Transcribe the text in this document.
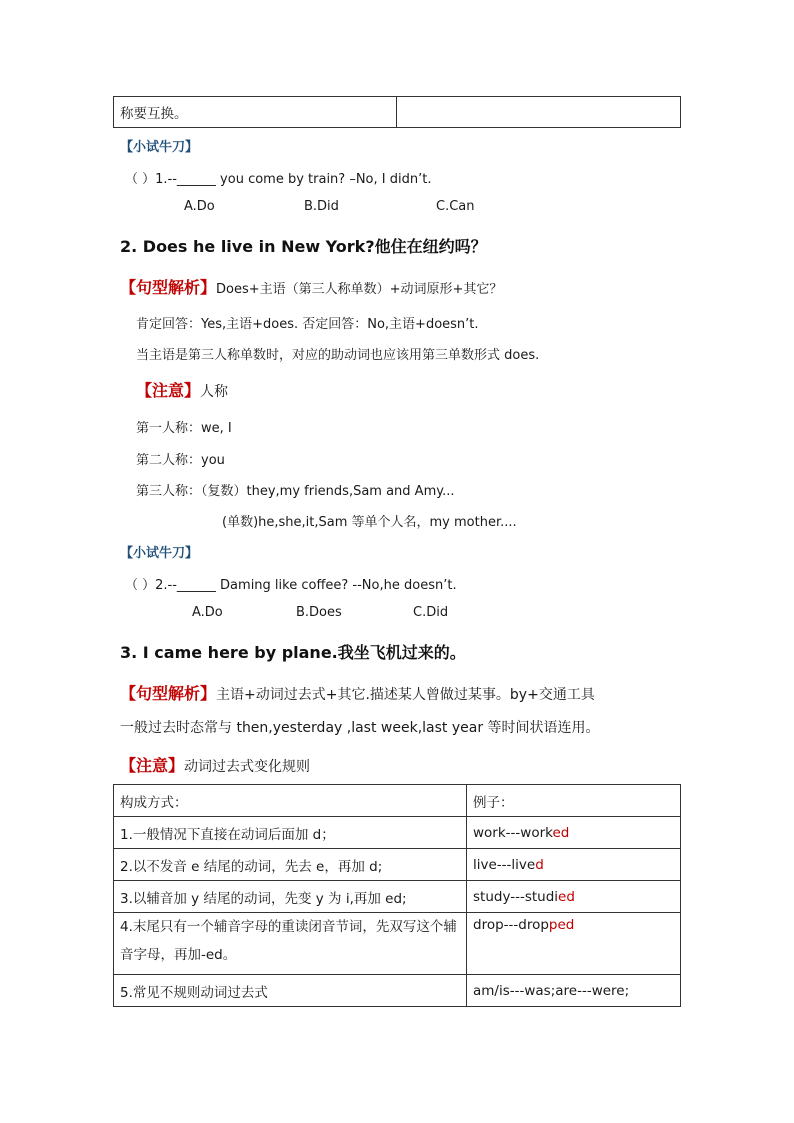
称要互换。	
【小试牛刀】
（ ）1.--______ you come by train? –No, I didn’t.
A.Do	B.Did	C.Can
2. Does he live in New York?他住在纽约吗？
【句型解析】Does+主语（第三人称单数）+动词原形+其它？
肯定回答：Yes,主语+does. 否定回答：No,主语+doesn’t.
当主语是第三人称单数时，对应的助动词也应该用第三单数形式 does.
【注意】人称
第一人称：we, I
第二人称：you
第三人称：（复数）they,my friends,Sam and Amy...
(单数)he,she,it,Sam 等单个人名，my mother....
【小试牛刀】
（ ）2.--______ Daming like coffee? --No,he doesn’t.
A.Do	B.Does	C.Did
3. I came here by plane.我坐飞机过来的。
【句型解析】主语+动词过去式+其它.描述某人曾做过某事。by+交通工具
一般过去时态常与 then,yesterday ,last week,last year 等时间状语连用。
【注意】动词过去式变化规则
构成方式：	例子：
1.一般情况下直接在动词后面加 d；	work---worked
2.以不发音 e 结尾的动词，先去 e，再加 d;	live---lived
3.以辅音加 y 结尾的动词，先变 y 为 i,再加 ed;	study---studied
4.末尾只有一个辅音字母的重读闭音节词，先双写这个辅音字母，再加-ed。	drop---dropped
5.常见不规则动词过去式	am/is---was;are---were;
